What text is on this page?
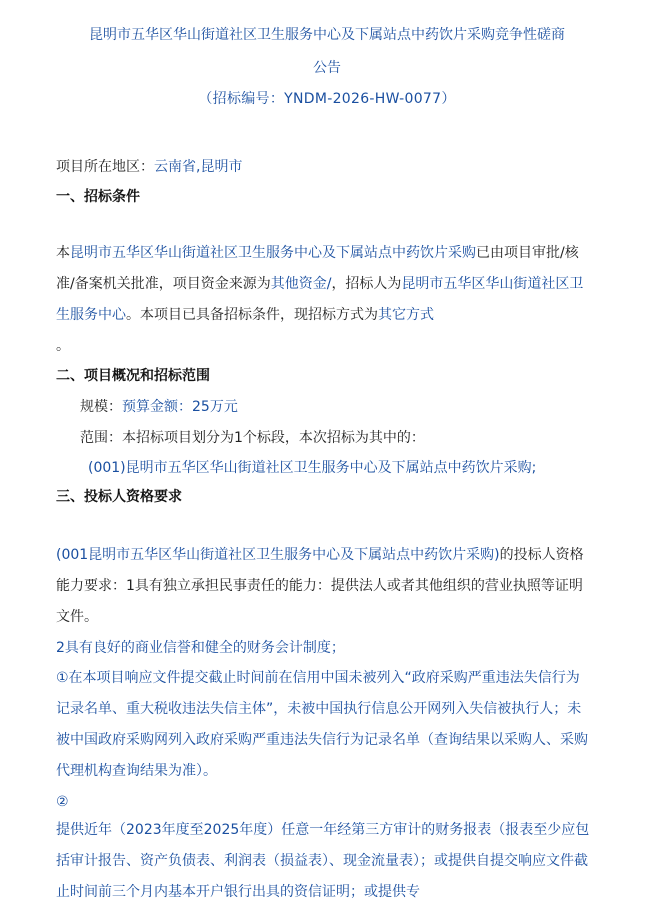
昆明市五华区华山街道社区卫生服务中心及下属站点中药饮片采购竞争性磋商
公告
（招标编号：YNDM-2026-HW-0077）
项目所在地区：云南省,昆明市
一、招标条件
本昆明市五华区华山街道社区卫生服务中心及下属站点中药饮片采购已由项目审批/核准/备案机关批准，项目资金来源为其他资金/，招标人为昆明市五华区华山街道社区卫生服务中心。本项目已具备招标条件，现招标方式为其它方式
。
二、项目概况和招标范围
规模：预算金额：25万元
范围：本招标项目划分为1个标段，本次招标为其中的：
(001)昆明市五华区华山街道社区卫生服务中心及下属站点中药饮片采购;
三、投标人资格要求
(001昆明市五华区华山街道社区卫生服务中心及下属站点中药饮片采购)的投标人资格能力要求：1具有独立承担民事责任的能力：提供法人或者其他组织的营业执照等证明文件。
2具有良好的商业信誉和健全的财务会计制度；
①在本项目响应文件提交截止时间前在信用中国未被列入“政府采购严重违法失信行为记录名单、重大税收违法失信主体”，未被中国执行信息公开网列入失信被执行人；未被中国政府采购网列入政府采购严重违法失信行为记录名单（查询结果以采购人、采购代理机构查询结果为准）。
②
提供近年（2023年度至2025年度）任意一年经第三方审计的财务报表（报表至少应包括审计报告、资产负债表、利润表（损益表）、现金流量表）；或提供自提交响应文件截止时间前三个月内基本开户银行出具的资信证明；或提供专
